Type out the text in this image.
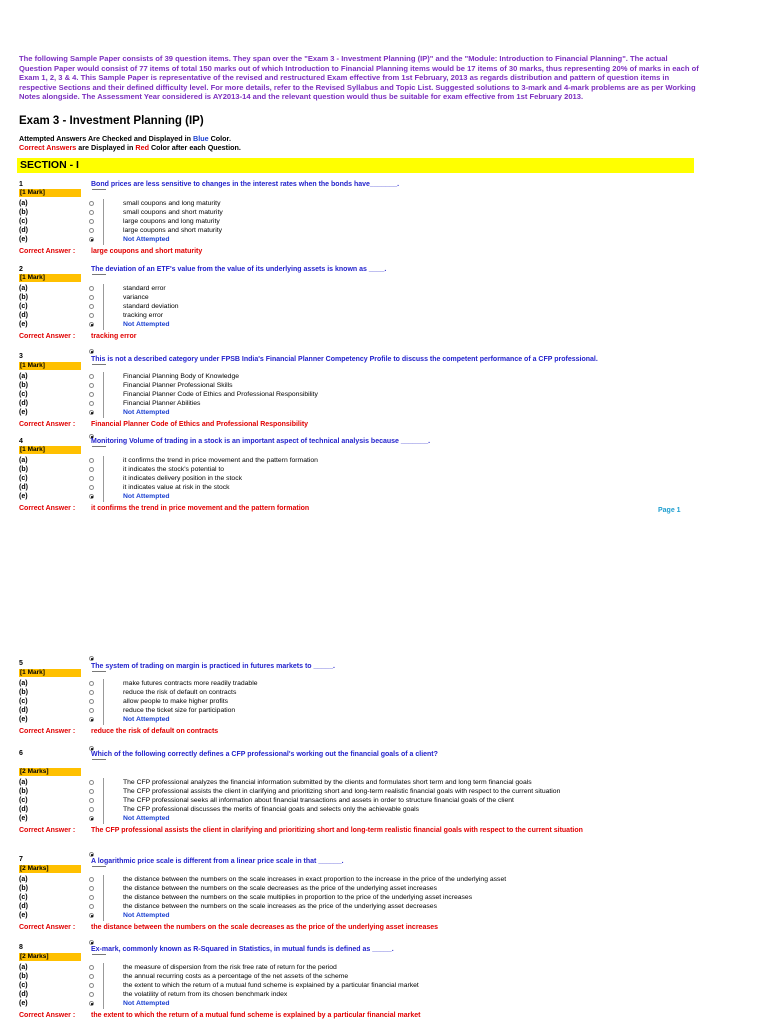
The following Sample Paper consists of 39 question items. They span over the "Exam 3 - Investment Planning (IP)" and the "Module: Introduction to Financial Planning". The actual Question Paper would consist of 77 items of total 150 marks out of which Introduction to Financial Planning items would be 17 items of 30 marks, thus representing 20% of marks in each of Exam 1, 2, 3 & 4. This Sample Paper is representative of the revised and restructured Exam effective from 1st February, 2013 as regards distribution and pattern of question items in respective Sections and their defined difficulty level. For more details, refer to the Revised Syllabus and Topic List. Suggested solutions to 3-mark and 4-mark problems are as per Working Notes alongside. The Assessment Year considered is AY2013-14 and the relevant question would thus be suitable for exam effective from 1st February 2013.
Exam 3 - Investment Planning (IP)
Attempted Answers Are Checked and Displayed in Blue Color.
Correct Answers are Displayed in Red Color after each Question.
SECTION - I
Page 1
1
[1 Mark]
Bond prices are less sensitive to changes in the interest rates when the bonds have_______.
(a)	small coupons and long maturity
(b)	small coupons and short maturity
(c)	large coupons and long maturity
(d)	large coupons and short maturity
(e)	Not Attempted
Correct Answer : large coupons and short maturity
2
[1 Mark]
The deviation of an ETF's value from the value of its underlying assets is known as ____.
(a)	standard error
(b)	variance
(c)	standard deviation
(d)	tracking error
(e)	Not Attempted
Correct Answer : tracking error
3
[1 Mark]
This is not a described category under FPSB India's Financial Planner Competency Profile to discuss the competent performance of a CFP professional.
(a)	Financial Planning Body of Knowledge
(b)	Financial Planner Professional Skills
(c)	Financial Planner Code of Ethics and Professional Responsibility
(d)	Financial Planner Abilities
(e)	Not Attempted
Correct Answer : Financial Planner Code of Ethics and Professional Responsibility
4
[1 Mark]
Monitoring Volume of trading in a stock is an important aspect of technical analysis because _______.
(a)	it confirms the trend in price movement and the pattern formation
(b)	it indicates the stock's potential to
(c)	it indicates delivery position in the stock
(d)	it indicates value at risk in the stock
(e)	Not Attempted
Correct Answer : it confirms the trend in price movement and the pattern formation
5
[1 Mark]
The system of trading on margin is practiced in futures markets to _____.
(a)	make futures contracts more readily tradable
(b)	reduce the risk of default on contracts
(c)	allow people to make higher profits
(d)	reduce the ticket size for participation
(e)	Not Attempted
Correct Answer : reduce the risk of default on contracts
6
[2 Marks]
Which of the following correctly defines a CFP professional's working out the financial goals of a client?
(a)	The CFP professional analyzes the financial information submitted by the clients and formulates short term and long term financial goals
(b)	The CFP professional assists the client in clarifying and prioritizing short and long-term realistic financial goals with respect to the current situation
(c)	The CFP professional seeks all information about financial transactions and assets in order to structure financial goals of the client
(d)	The CFP professional discusses the merits of financial goals and selects only the achievable goals
(e)	Not Attempted
Correct Answer : The CFP professional assists the client in clarifying and prioritizing short and long-term realistic financial goals with respect to the current situation
7
[2 Marks]
A logarithmic price scale is different from a linear price scale in that ______.
(a)	the distance between the numbers on the scale increases in exact proportion to the increase in the price of the underlying asset
(b)	the distance between the numbers on the scale decreases as the price of the underlying asset increases
(c)	the distance between the numbers on the scale multiplies in proportion to the price of the underlying asset increases
(d)	the distance between the numbers on the scale increases as the price of the underlying asset decreases
(e)	Not Attempted
Correct Answer : the distance between the numbers on the scale decreases as the price of the underlying asset increases
8
[2 Marks]
Ex-mark, commonly known as R-Squared in Statistics, in mutual funds is defined as _____.
(a)	the measure of dispersion from the risk free rate of return for the period
(b)	the annual recurring costs as a percentage of the net assets of the scheme
(c)	the extent to which the return of a mutual fund scheme is explained by a particular financial market
(d)	the volatility of return from its chosen benchmark index
(e)	Not Attempted
Correct Answer : the extent to which the return of a mutual fund scheme is explained by a particular financial market
